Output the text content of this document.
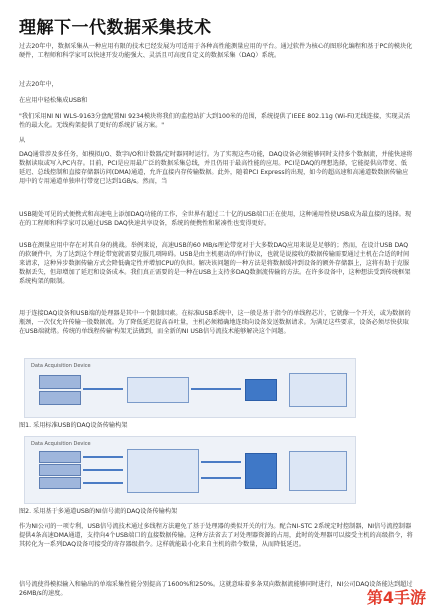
理解下一代数据采集技术
过去20年中，数据采集从一种应用有限的技术已经发展为可适用于各种高性能测量应用的平台。通过软件为核心的图形化编程和基于PC的模块化硬件，工程师和科学家可以快速开发功能强大、灵活且可高度自定义的数据采集（DAQ）系统。
过去20年中，
在应用中轻松集成USB和
"我们采用NI NI WLS-9163分盘配置NI 9234模块将我们的监控站扩大到100米的范围，系统提供了IEEE 802.11g (Wi-Fi)无线连接，实现灵活性的最大化。无线构架提供了更好的系统扩展方案。"
从
DAQ通常涉及多任务，如模拟I/O、数字I/O和计数器/定时器同时运行。为了实现这些功能，DAQ设备必须能够同时支持多个数据流，并能快速将数据读取或写入PC内存。目前，PCI是应用最广泛的数据采集总线，并且仍用于最高性能的应用。PCI是DAQ的理想选择，它能提供高带宽、低延迟、总线控制和直接存储器访问(DMA)通道，允许直接内存传输数据。此外，随着PCI Express的出现，如今的超高速和高通道数数据传输应用中的专用通道单独串行带宽已达到1GB/s。然而，当
USB随处可见的式便携式和高速电上添加DAQ功能的工作，全世界有超过二十亿的USB端口正在使用，这种通用性使USB成为最直接的选择。现在的工程师和科学家可以通过USB DAQ快速共享设备，系统的便携性和紧凑性也变得更好。
USB在测量应用中存在对其自身的挑战。举例来说，高速USB的60 MB/s理论带宽对于大多数DAQ应用来说是足够的；然而，在设计USB DAQ的软硬件中，为了达到这个理论带宽就需要克服几项障碍。USB是由主机驱动的串行协议，也就是说接收的数据传输需要通过主机在合适的时间来请求，这种异步数据传输方式会降低确定性并增加CPU的负担。解决该问题的一种方法是将数据缓冲到设备的额外存储器上，这将有助于克服数据丢失，但却增加了延迟和设备成本。我们真正需要的是一种在USB上支持多DAQ数据流传输的方法。在许多设备中，这种想法受到传统框架系统构架的限制。
用于连接DAQ设备和USB端的处理器是其中一个限制因素。在标准USB系统中，这一般是基于指令的单线程芯片，它就像一个开关，或为数据的瓶颈，一次仅允许传输一股数据流。为了降低延迟提高吞吐量，主机必须精确地连续向设备发送数据请求。为满足这些要求，设备必须尽快获取在USB端就绪。传统的单线程传输'构架无法做到，而全新的NI USB信号流技术能够解决这个问题。
Data Acquisition Device
图1. 采用标准USB的DAQ设备传输构架
Data Acquisition Device
图2. 采用基于多通道USB的NI信号流的DAQ设备传输构架
作为NI公司的一项专利，USB信号流技术通过多线程方法避免了基于处理器的类似开关的行为。配合NI-STC 2系统定时控制器，NI信号流控制器提供4条高速DMA通道，支持向4个USB端口的直接数据传输。这种方法省去了对处理器资源的占用，此时的处理器可以接受主机的高级指令，将其转化为一系列DAQ设备可接受的寄存器级指令。这样就能最小化来自主机的指令数量，从而降低延迟。
信号流使得模拟输入和输出的单端采集性能分别提高了1600%和250%。这就意味着多条双向数据流能够同时进行，NI公司DAQ设备能达到超过26MB/s的速度。	第4手游
